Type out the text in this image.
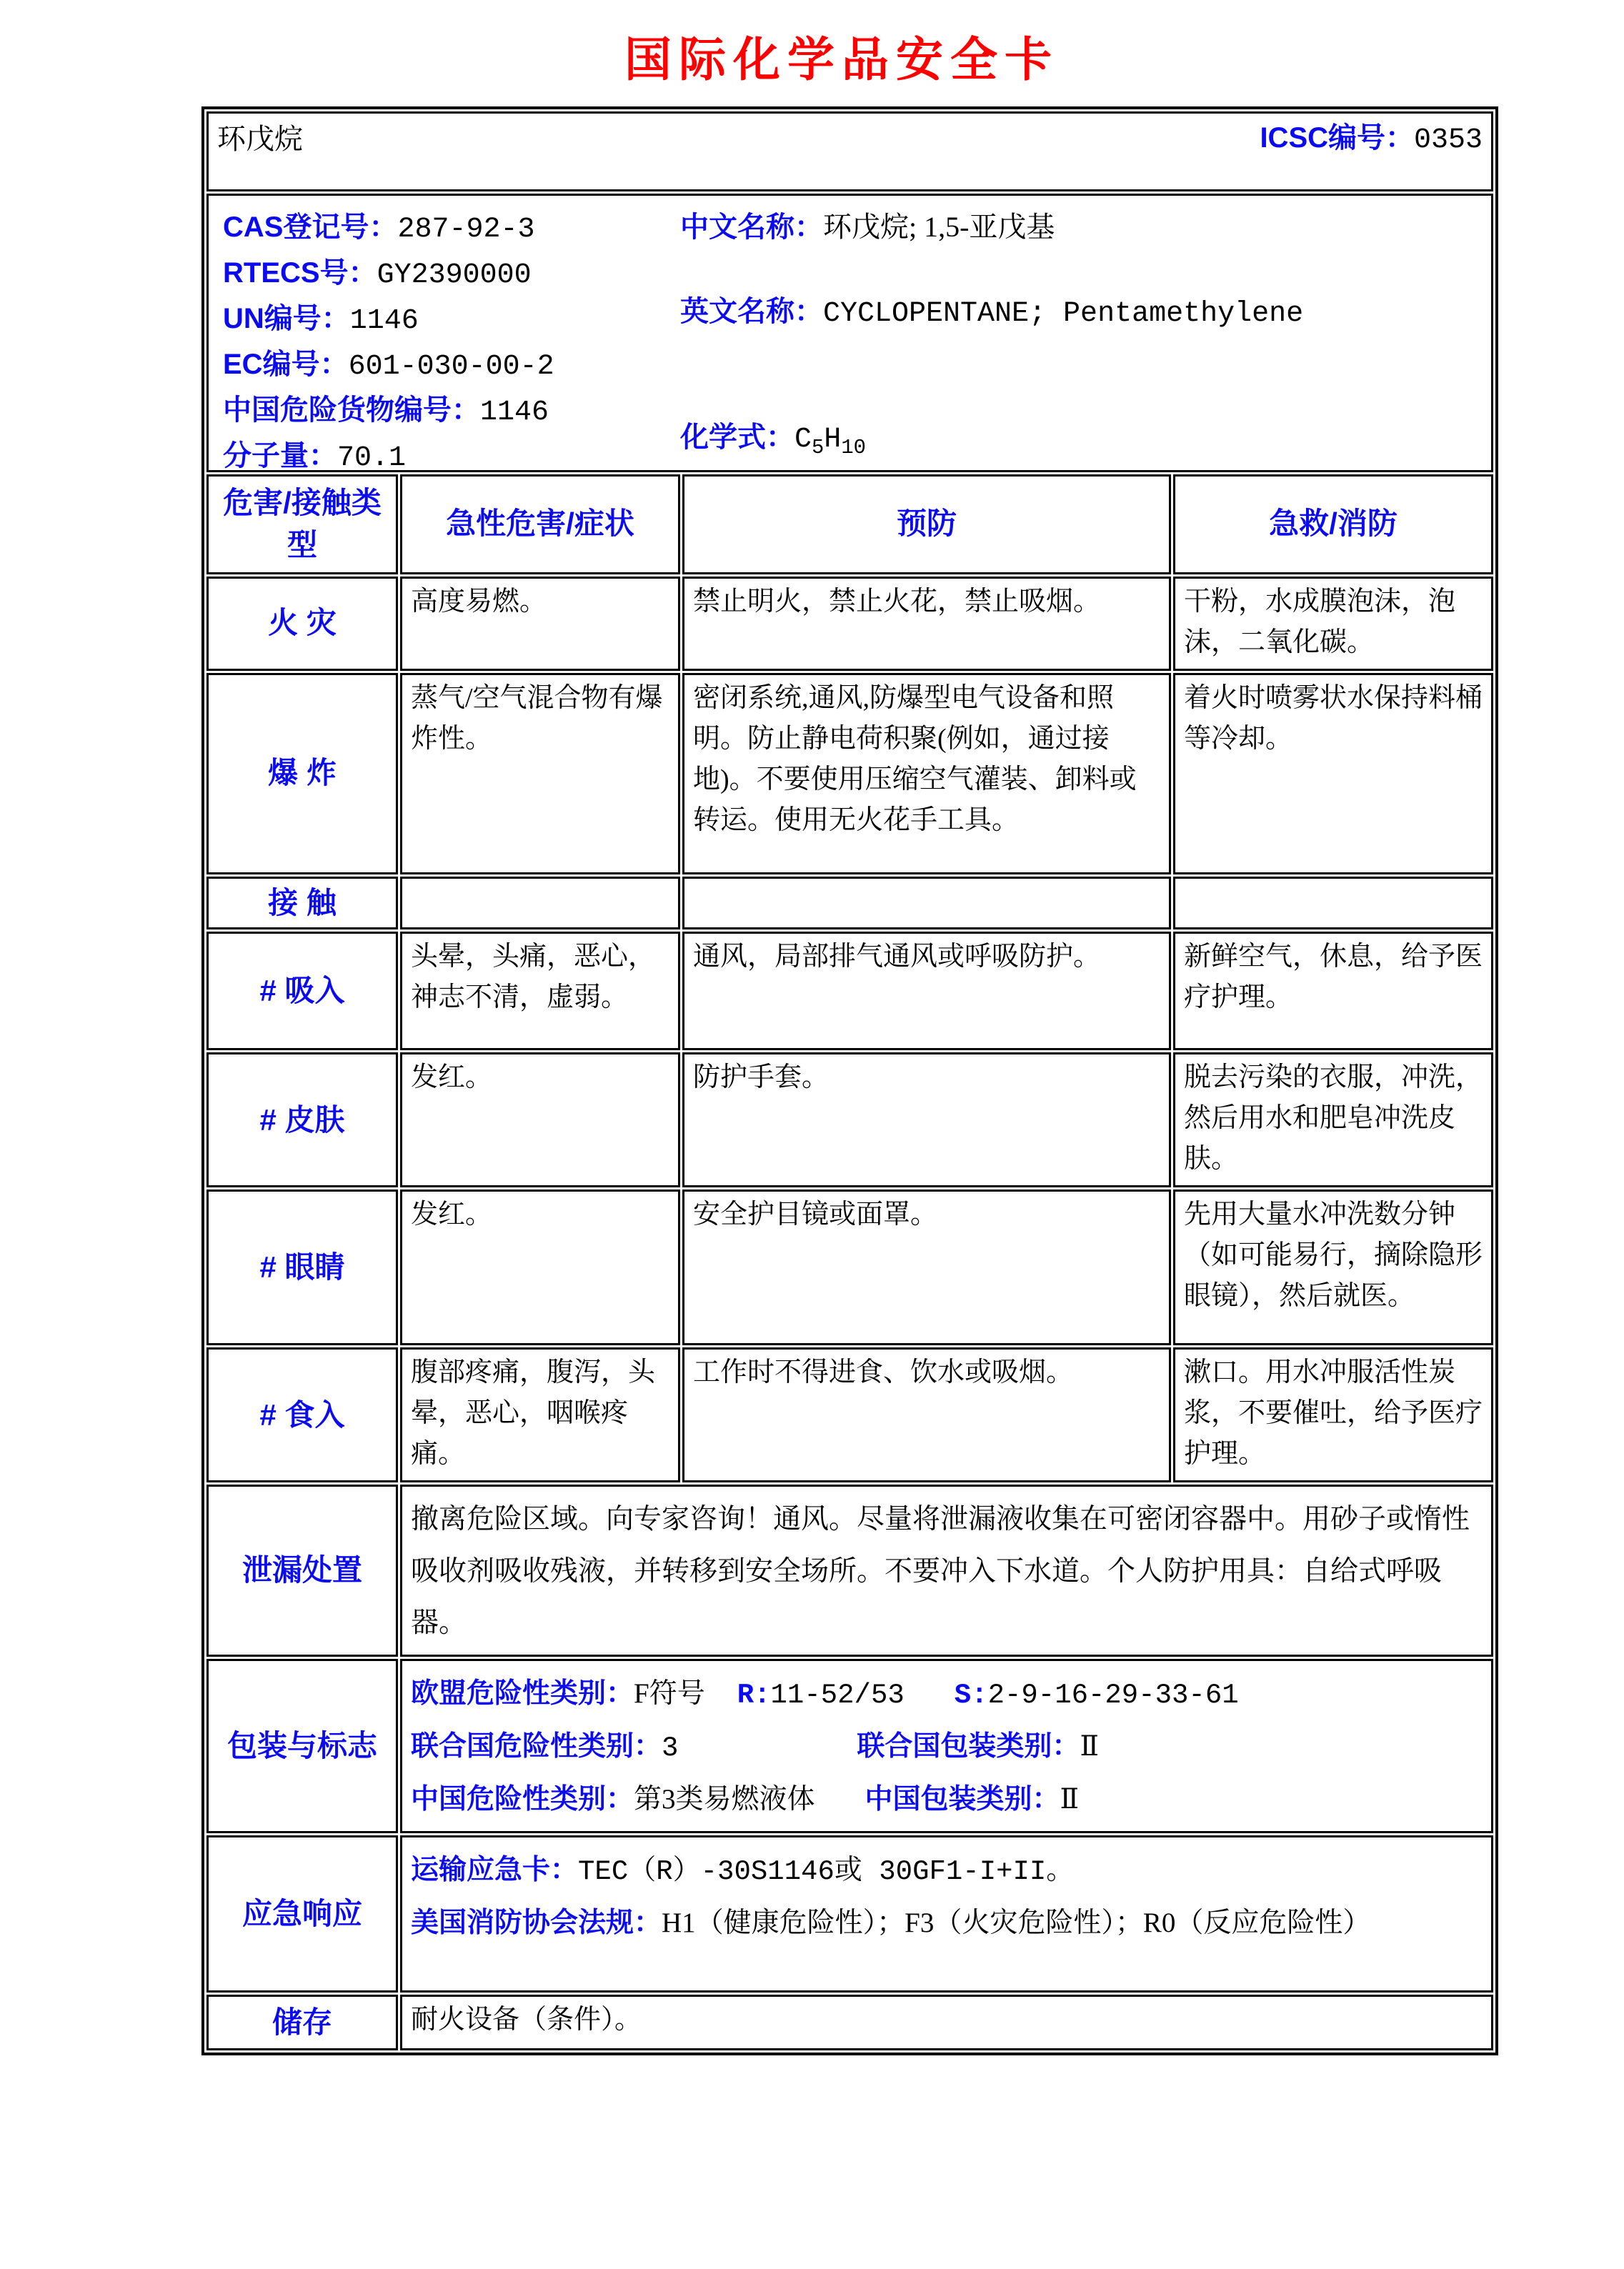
国际化学品安全卡
环戊烷 ICSC编号：0353			

CAS登记号：287-92-3
RTECS号：GY2390000
UN编号：1146
EC编号：601-030-00-2
中国危险货物编号：1146
分子量：70.1
中文名称：环戊烷; 1,5-亚戊基
英文名称：CYCLOPENTANE; Pentamethylene
化学式：$C_5H_{10}$

危害/接触类型	急性危害/症状	预防	急救/消防
火 灾	高度易燃。	禁止明火，禁止火花，禁止吸烟。	干粉，水成膜泡沫，泡沫，二氧化碳。
爆 炸	蒸气/空气混合物有爆炸性。	密闭系统,通风,防爆型电气设备和照明。防止静电荷积聚(例如，通过接地)。不要使用压缩空气灌装、卸料或转运。使用无火花手工具。	着火时喷雾状水保持料桶等冷却。
接 触			
# 吸入	头晕，头痛，恶心，神志不清，虚弱。	通风，局部排气通风或呼吸防护。	新鲜空气，休息，给予医疗护理。
# 皮肤	发红。	防护手套。	脱去污染的衣服，冲洗，然后用水和肥皂冲洗皮肤。
# 眼睛	发红。	安全护目镜或面罩。	先用大量水冲洗数分钟（如可能易行，摘除隐形眼镜），然后就医。
# 食入	腹部疼痛，腹泻，头晕，恶心，咽喉疼痛。	工作时不得进食、饮水或吸烟。	漱口。用水冲服活性炭浆，不要催吐，给予医疗护理。
泄漏处置	撤离危险区域。向专家咨询！通风。尽量将泄漏液收集在可密闭容器中。用砂子或惰性吸收剂吸收残液，并转移到安全场所。不要冲入下水道。个人防护用具：自给式呼吸器。		
包装与标志	欧盟危险性类别：F符号 R:11-52/53 S:2-9-16-29-33-61
联合国危险性类别：3 联合国包装类别：Ⅱ
中国危险性类别：第3类易燃液体 中国包装类别：Ⅱ		

应急响应	运输应急卡：TEC（R）-30S1146或 30GF1-I+II。
美国消防协会法规：H1（健康危险性）；F3（火灾危险性）；R0（反应危险性）		

储存	耐火设备（条件）。		
